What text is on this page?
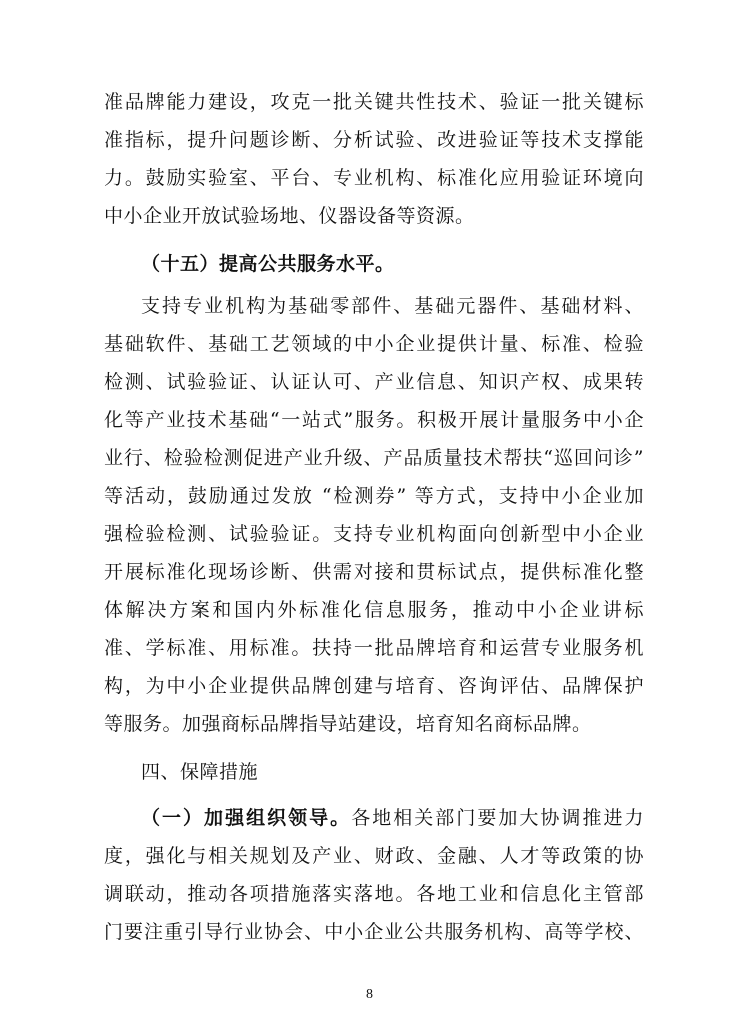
准品牌能力建设，攻克一批关键共性技术、验证一批关键标
准指标，提升问题诊断、分析试验、改进验证等技术支撑能
力。鼓励实验室、平台、专业机构、标准化应用验证环境向
中小企业开放试验场地、仪器设备等资源。
（十五）提高公共服务水平。
支持专业机构为基础零部件、基础元器件、基础材料、
基础软件、基础工艺领域的中小企业提供计量、标准、检验
检测、试验验证、认证认可、产业信息、知识产权、成果转
化等产业技术基础“一站式”服务。积极开展计量服务中小企
业行、检验检测促进产业升级、产品质量技术帮扶“巡回问诊”
等活动，鼓励通过发放 “检测券” 等方式，支持中小企业加
强检验检测、试验验证。支持专业机构面向创新型中小企业
开展标准化现场诊断、供需对接和贯标试点，提供标准化整
体解决方案和国内外标准化信息服务，推动中小企业讲标
准、学标准、用标准。扶持一批品牌培育和运营专业服务机
构，为中小企业提供品牌创建与培育、咨询评估、品牌保护
等服务。加强商标品牌指导站建设，培育知名商标品牌。
四、保障措施
（一）加强组织领导。各地相关部门要加大协调推进力
度，强化与相关规划及产业、财政、金融、人才等政策的协
调联动，推动各项措施落实落地。各地工业和信息化主管部
门要注重引导行业协会、中小企业公共服务机构、高等学校、
8
